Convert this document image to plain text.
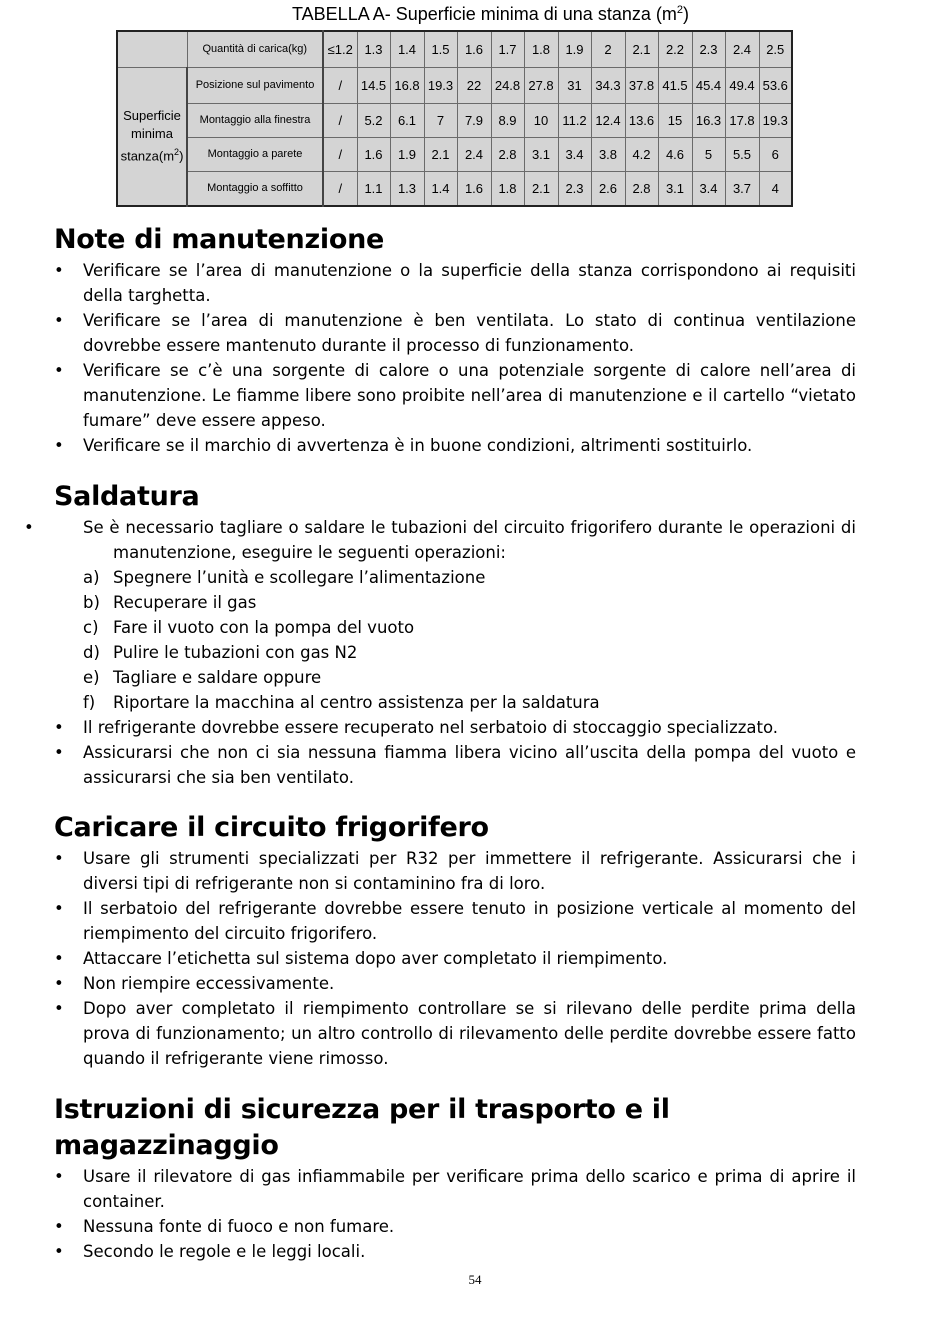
TABELLA A- Superficie minima di una stanza $(m^2)$
	Quantità di carica(kg)	≤1.2	1.3	1.4	1.5	1.6	1.7	1.8	1.9	2	2.1	2.2	2.3	2.4	2.5
Superficie
minima
$stanza(m^2)$	Posizione sul pavimento	/	14.5	16.8	19.3	22	24.8	27.8	31	34.3	37.8	41.5	45.4	49.4	53.6
	Montaggio alla finestra	/	5.2	6.1	7	7.9	8.9	10	11.2	12.4	13.6	15	16.3	17.8	19.3
	Montaggio a parete	/	1.6	1.9	2.1	2.4	2.8	3.1	3.4	3.8	4.2	4.6	5	5.5	6
	Montaggio a soffitto	/	1.1	1.3	1.4	1.6	1.8	2.1	2.3	2.6	2.8	3.1	3.4	3.7	4
Note di manutenzione
• Verificare se l’area di manutenzione o la superficie della stanza corrispondono ai requisiti della targhetta.
• Verificare se l’area di manutenzione è ben ventilata. Lo stato di continua ventilazione dovrebbe essere mantenuto durante il processo di funzionamento.
• Verificare se c’è una sorgente di calore o una potenziale sorgente di calore nell’area di manutenzione. Le fiamme libere sono proibite nell’area di manutenzione e il cartello “vietato fumare” deve essere appeso.
• Verificare se il marchio di avvertenza è in buone condizioni, altrimenti sostituirlo.
Saldatura
• Se è necessario tagliare o saldare le tubazioni del circuito frigorifero durante le operazioni di manutenzione, eseguire le seguenti operazioni:
a) Spegnere l’unità e scollegare l’alimentazione
b) Recuperare il gas
c) Fare il vuoto con la pompa del vuoto
d) Pulire le tubazioni con gas N2
e) Tagliare e saldare oppure
f) Riportare la macchina al centro assistenza per la saldatura
• Il refrigerante dovrebbe essere recuperato nel serbatoio di stoccaggio specializzato.
• Assicurarsi che non ci sia nessuna fiamma libera vicino all’uscita della pompa del vuoto e assicurarsi che sia ben ventilato.
Caricare il circuito frigorifero
• Usare gli strumenti specializzati per R32 per immettere il refrigerante. Assicurarsi che i diversi tipi di refrigerante non si contaminino fra di loro.
• Il serbatoio del refrigerante dovrebbe essere tenuto in posizione verticale al momento del riempimento del circuito frigorifero.
• Attaccare l’etichetta sul sistema dopo aver completato il riempimento.
• Non riempire eccessivamente.
• Dopo aver completato il riempimento controllare se si rilevano delle perdite prima della prova di funzionamento; un altro controllo di rilevamento delle perdite dovrebbe essere fatto quando il refrigerante viene rimosso.
Istruzioni di sicurezza per il trasporto e il magazzinaggio
• Usare il rilevatore di gas infiammabile per verificare prima dello scarico e prima di aprire il container.
• Nessuna fonte di fuoco e non fumare.
• Secondo le regole e le leggi locali.
54
